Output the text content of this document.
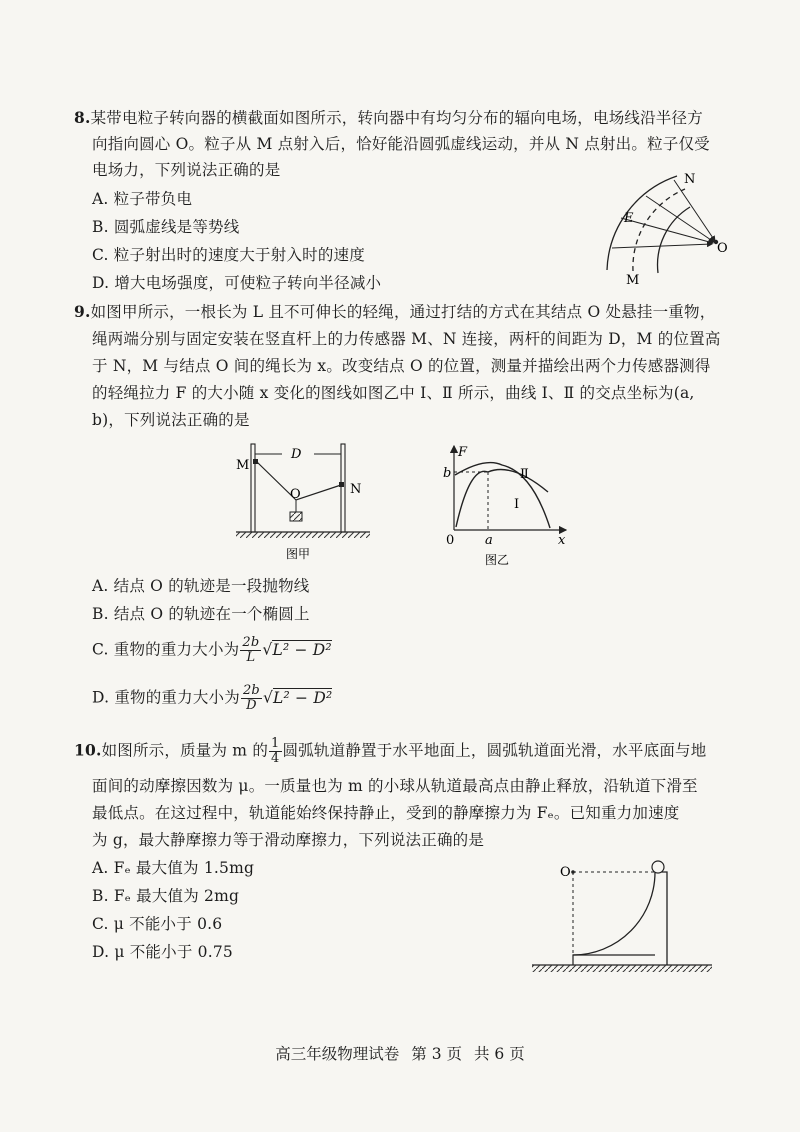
8.某带电粒子转向器的横截面如图所示，转向器中有均匀分布的辐向电场，电场线沿半径方
向指向圆心 O。粒子从 M 点射入后，恰好能沿圆弧虚线运动，并从 N 点射出。粒子仅受
电场力，下列说法正确的是
A. 粒子带负电
B. 圆弧虚线是等势线
C. 粒子射出时的速度大于射入时的速度
D. 增大电场强度，可使粒子转向半径减小
N
E
O
M
9.如图甲所示，一根长为 L 且不可伸长的轻绳，通过打结的方式在其结点 O 处悬挂一重物，
绳两端分别与固定安装在竖直杆上的力传感器 M、N 连接，两杆的间距为 D，M 的位置高
于 N，M 与结点 O 间的绳长为 x。改变结点 O 的位置，测量并描绘出两个力传感器测得
的轻绳拉力 F 的大小随 x 变化的图线如图乙中 Ⅰ、Ⅱ 所示，曲线 Ⅰ、Ⅱ 的交点坐标为(a,
b)，下列说法正确的是
D
M
N
O
图甲
F
b	Ⅱ
Ⅰ
0 a	x
图乙
A. 结点 O 的轨迹是一段抛物线
B. 结点 O 的轨迹在一个椭圆上
C. 重物的重力大小为 $\frac{2b}{L} √L^2 - D^2$
D. 重物的重力大小为 $\frac{2b}{D} √L^2 - D^2$
10.如图所示，质量为 m 的 $\frac{1}{4}$ 圆弧轨道静置于水平地面上，圆弧轨道面光滑，水平底面与地
面间的动摩擦因数为 μ。一质量也为 m 的小球从轨道最高点由静止释放，沿轨道下滑至
最低点。在这过程中，轨道能始终保持静止，受到的静摩擦力为 Fₑ。已知重力加速度
为 g，最大静摩擦力等于滑动摩擦力，下列说法正确的是
A. Fₑ 最大值为 1.5mg
B. Fₑ 最大值为 2mg
C. μ 不能小于 0.6
D. μ 不能小于 0.75
O
高三年级物理试卷 第 3 页 共 6 页
